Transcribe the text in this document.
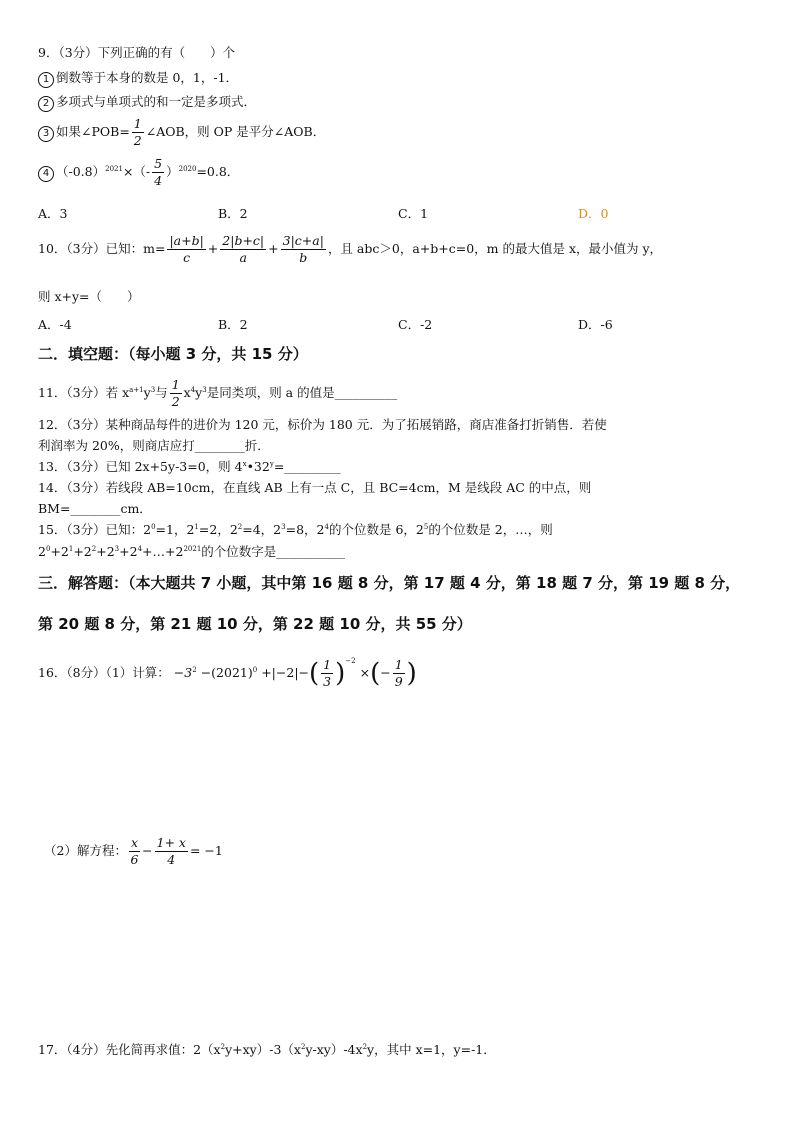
9．（3分）下列正确的有（　　）个
1 倒数等于本身的数是 0，1，-1．
2 多项式与单项式的和一定是多项式．
3 如果∠POB= $\frac{1}{2}$ ∠AOB，则 OP 是平分∠AOB．
4 $(-0.8)^{2021}\times(- \frac{5}{4} )^{2020}=0.8$．
A．3	B．2	C．1	D．0
10．（3分）已知：$m= \frac{|a+b|}{c} + \frac{2|b+c|}{a} + \frac{3|c+a|}{b}$ ，且 abc＞0，a+b+c=0，m 的最大值是 x，最小值为 y，
则 x+y=（　　）
A．-4	B．2	C．-2	D．-6
二．填空题：（每小题 3 分，共 15 分）
11．（3分）若 $x^{a+1}y^3$与 $\frac{1}{2} x^4y^3$是同类项，则 a 的值是__________
12．（3分）某种商品每件的进价为 120 元，标价为 180 元．为了拓展销路，商店准备打折销售．若使
利润率为 20%，则商店应打________折．
13．（3分）已知 2x+5y-3=0，则 $4^x•32^y=\_\_\_\_\_\_\_\_\_$
14．（3分）若线段 AB=10cm，在直线 AB 上有一点 C，且 BC=4cm，M 是线段 AC 的中点，则
BM=________cm．
15．（3分）已知：$2^0=1$，$2^1=2$，$2^2=4$，$2^3=8$，$2^4$的个位数是 6，$2^5$的个位数是 2，…，则
$2^0+2^1+2^2+2^3+2^4+\dots+2^{2021}$的个位数字是___________
三．解答题：（本大题共 7 小题，其中第 16 题 8 分，第 17 题 4 分，第 18 题 7 分，第 19 题 8 分，
第 20 题 8 分，第 21 题 10 分，第 22 题 10 分，共 55 分）
16．（8分）（1）计算： $-3^2 -(2021)^0 +|-2|-( \frac{1}{3} )^{-2}$ ×(− $\frac{1}{9}$ )
（2）解方程： $\frac{x}{6} - \frac{1+ x}{4} = -1$
17．（4分）先化简再求值：$2(x^2y+xy)-3(x^2y-xy)-4x^2y$，其中 x=1，y=-1．
